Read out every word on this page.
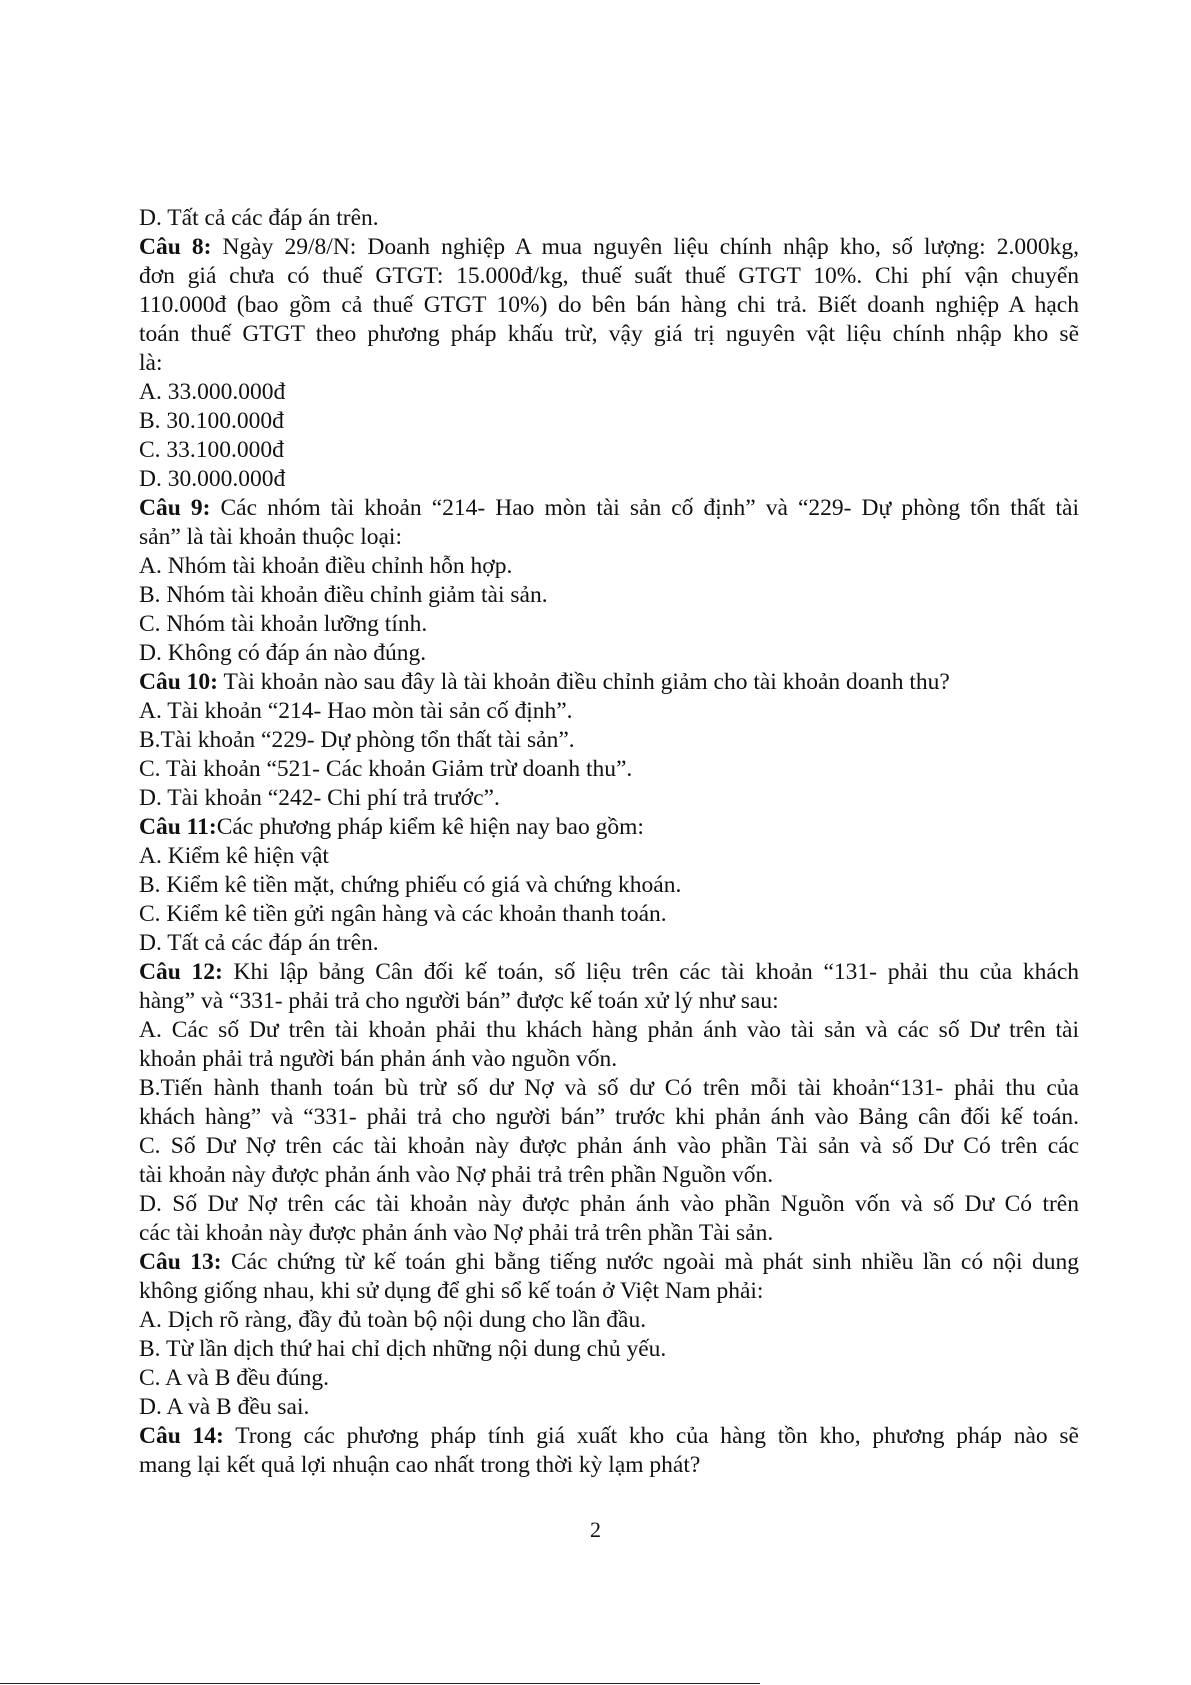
D. Tất cả các đáp án trên.
Câu 8: Ngày 29/8/N: Doanh nghiệp A mua nguyên liệu chính nhập kho, số lượng: 2.000kg,
đơn giá chưa có thuế GTGT: 15.000đ/kg, thuế suất thuế GTGT 10%. Chi phí vận chuyển
110.000đ (bao gồm cả thuế GTGT 10%) do bên bán hàng chi trả. Biết doanh nghiệp A hạch
toán thuế GTGT theo phương pháp khấu trừ, vậy giá trị nguyên vật liệu chính nhập kho sẽ
là:
A. 33.000.000đ
B. 30.100.000đ
C. 33.100.000đ
D. 30.000.000đ
Câu 9: Các nhóm tài khoản “214- Hao mòn tài sản cố định” và “229- Dự phòng tổn thất tài
sản” là tài khoản thuộc loại:
A. Nhóm tài khoản điều chỉnh hỗn hợp.
B. Nhóm tài khoản điều chỉnh giảm tài sản.
C. Nhóm tài khoản lưỡng tính.
D. Không có đáp án nào đúng.
Câu 10: Tài khoản nào sau đây là tài khoản điều chỉnh giảm cho tài khoản doanh thu?
A. Tài khoản “214- Hao mòn tài sản cố định”.
B.Tài khoản “229- Dự phòng tổn thất tài sản”.
C. Tài khoản “521- Các khoản Giảm trừ doanh thu”.
D. Tài khoản “242- Chi phí trả trước”.
Câu 11:Các phương pháp kiểm kê hiện nay bao gồm:
A. Kiểm kê hiện vật
B. Kiểm kê tiền mặt, chứng phiếu có giá và chứng khoán.
C. Kiểm kê tiền gửi ngân hàng và các khoản thanh toán.
D. Tất cả các đáp án trên.
Câu 12: Khi lập bảng Cân đối kế toán, số liệu trên các tài khoản “131- phải thu của khách
hàng” và “331- phải trả cho người bán” được kế toán xử lý như sau:
A. Các số Dư trên tài khoản phải thu khách hàng phản ánh vào tài sản và các số Dư trên tài
khoản phải trả người bán phản ánh vào nguồn vốn.
B.Tiến hành thanh toán bù trừ số dư Nợ và số dư Có trên mỗi tài khoản“131- phải thu của
khách hàng” và “331- phải trả cho người bán” trước khi phản ánh vào Bảng cân đối kế toán.
C. Số Dư Nợ trên các tài khoản này được phản ánh vào phần Tài sản và số Dư Có trên các
tài khoản này được phản ánh vào Nợ phải trả trên phần Nguồn vốn.
D. Số Dư Nợ trên các tài khoản này được phản ánh vào phần Nguồn vốn và số Dư Có trên
các tài khoản này được phản ánh vào Nợ phải trả trên phần Tài sản.
Câu 13: Các chứng từ kế toán ghi bằng tiếng nước ngoài mà phát sinh nhiều lần có nội dung
không giống nhau, khi sử dụng để ghi sổ kế toán ở Việt Nam phải:
A. Dịch rõ ràng, đầy đủ toàn bộ nội dung cho lần đầu.
B. Từ lần dịch thứ hai chỉ dịch những nội dung chủ yếu.
C. A và B đều đúng.
D. A và B đều sai.
Câu 14: Trong các phương pháp tính giá xuất kho của hàng tồn kho, phương pháp nào sẽ
mang lại kết quả lợi nhuận cao nhất trong thời kỳ lạm phát?
2
